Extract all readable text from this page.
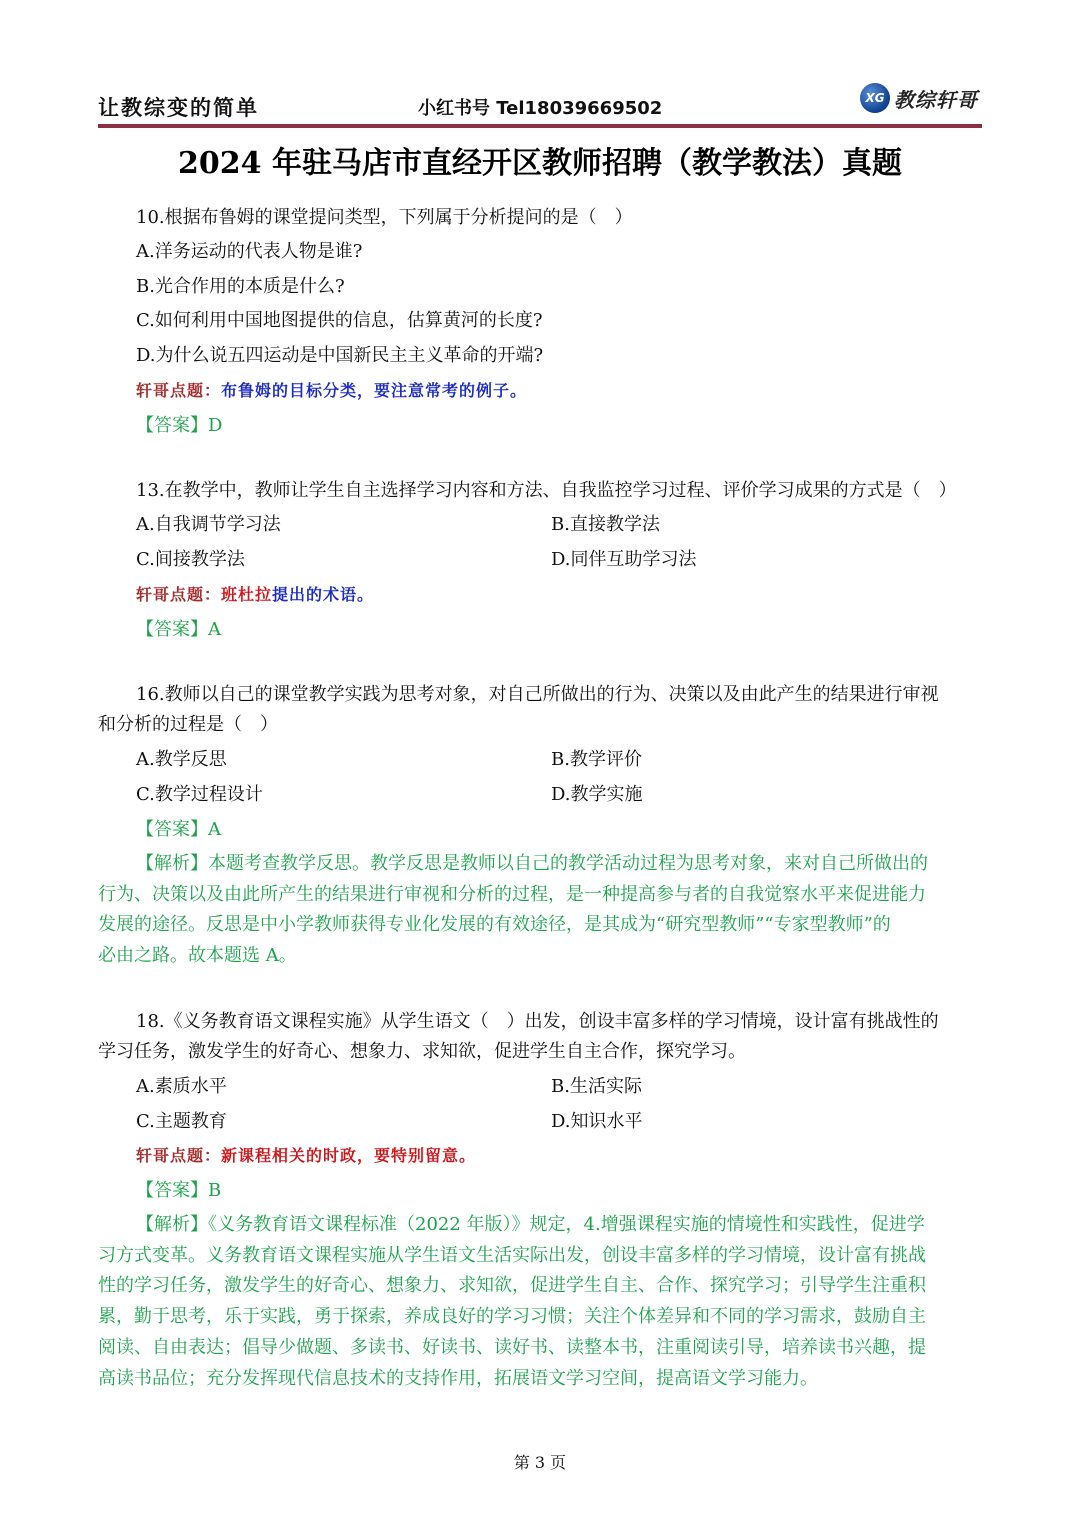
让教综变的简单	小红书号 Tel18039669502	XG 教综轩哥
2024 年驻马店市直经开区教师招聘（教学教法）真题
10.根据布鲁姆的课堂提问类型，下列属于分析提问的是（　）
A.洋务运动的代表人物是谁?
B.光合作用的本质是什么?
C.如何利用中国地图提供的信息，估算黄河的长度?
D.为什么说五四运动是中国新民主主义革命的开端?
轩哥点题：布鲁姆的目标分类，要注意常考的例子。
【答案】D
13.在教学中，教师让学生自主选择学习内容和方法、自我监控学习过程、评价学习成果的方式是（　）
A.自我调节学习法	B.直接教学法
C.间接教学法	D.同伴互助学习法
轩哥点题：班杜拉提出的术语。
【答案】A
16.教师以自己的课堂教学实践为思考对象，对自己所做出的行为、决策以及由此产生的结果进行审视
和分析的过程是（　）
A.教学反思	B.教学评价
C.教学过程设计	D.教学实施
【答案】A
【解析】本题考查教学反思。教学反思是教师以自己的教学活动过程为思考对象，来对自己所做出的
行为、决策以及由此所产生的结果进行审视和分析的过程，是一种提高参与者的自我觉察水平来促进能力
发展的途径。反思是中小学教师获得专业化发展的有效途径，是其成为“研究型教师”“专家型教师”的
必由之路。故本题选 A。
18.《义务教育语文课程实施》从学生语文（　）出发，创设丰富多样的学习情境，设计富有挑战性的
学习任务，激发学生的好奇心、想象力、求知欲，促进学生自主合作，探究学习。
A.素质水平	B.生活实际
C.主题教育	D.知识水平
轩哥点题：新课程相关的时政，要特别留意。
【答案】B
【解析】《义务教育语文课程标准（2022 年版）》规定，4.增强课程实施的情境性和实践性，促进学
习方式变革。义务教育语文课程实施从学生语文生活实际出发，创设丰富多样的学习情境，设计富有挑战
性的学习任务，激发学生的好奇心、想象力、求知欲，促进学生自主、合作、探究学习；引导学生注重积
累，勤于思考，乐于实践，勇于探索，养成良好的学习习惯；关注个体差异和不同的学习需求，鼓励自主
阅读、自由表达；倡导少做题、多读书、好读书、读好书、读整本书，注重阅读引导，培养读书兴趣，提
高读书品位；充分发挥现代信息技术的支持作用，拓展语文学习空间，提高语文学习能力。
第 3 页
